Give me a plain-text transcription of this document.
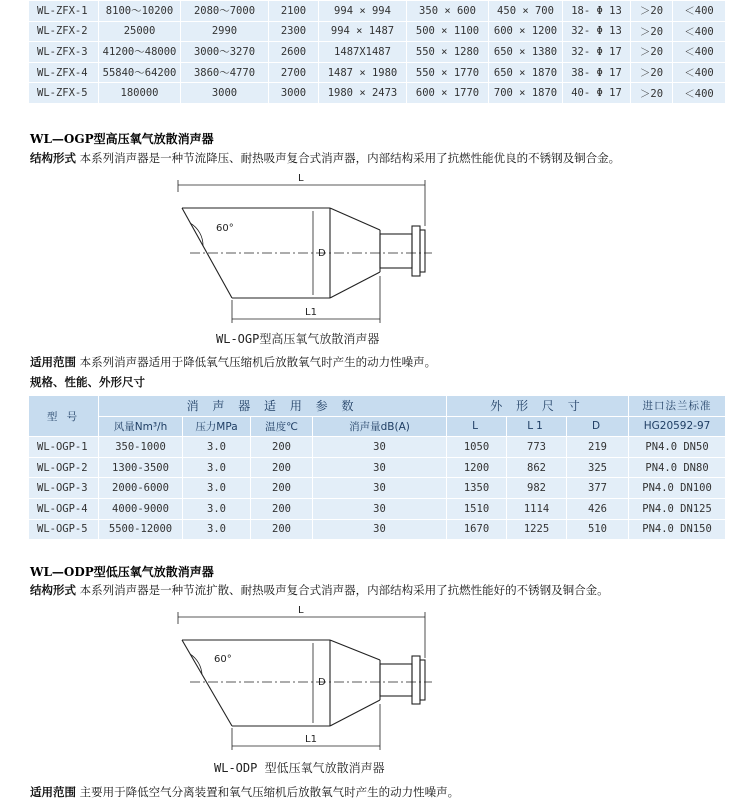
WL-ZFX-1	8100～10200	2080～7000	2100	994 × 994	350 × 600	450 × 700	18- Φ 13	＞20	＜400
WL-ZFX-2	25000	2990	2300	994 × 1487	500 × 1100	600 × 1200	32- Φ 13	＞20	＜400
WL-ZFX-3	41200～48000	3000～3270	2600	1487X1487	550 × 1280	650 × 1380	32- Φ 17	＞20	＜400
WL-ZFX-4	55840～64200	3860～4770	2700	1487 × 1980	550 × 1770	650 × 1870	38- Φ 17	＞20	＜400
WL-ZFX-5	180000	3000	3000	1980 × 2473	600 × 1770	700 × 1870	40- Φ 17	＞20	＜400
WL—OGP型高压氧气放散消声器
结构形式 本系列消声器是一种节流降压、耐热吸声复合式消声器，内部结构采用了抗燃性能优良的不锈钢及铜合金。
L
60°
D
L1
WL-OGP型高压氧气放散消声器
适用范围 本系列消声器适用于降低氧气压缩机后放散氧气时产生的动力性噪声。
规格、性能、外形尺寸
型 号	消 声 器 适 用 参 数				外 形 尺 寸			进口法兰标准
	风量Nm³/h	压力MPa	温度℃	消声量dB(A)	L	L1	D	HG20592-97
WL-OGP-1	350-1000	3.0	200	30	1050	773	219	PN4.0 DN50
WL-OGP-2	1300-3500	3.0	200	30	1200	862	325	PN4.0 DN80
WL-OGP-3	2000-6000	3.0	200	30	1350	982	377	PN4.0 DN100
WL-OGP-4	4000-9000	3.0	200	30	1510	1114	426	PN4.0 DN125
WL-OGP-5	5500-12000	3.0	200	30	1670	1225	510	PN4.0 DN150
WL—ODP型低压氧气放散消声器
结构形式 本系列消声器是一种节流扩散、耐热吸声复合式消声器，内部结构采用了抗燃性能好的不锈钢及铜合金。
L
60°
D
L1
WL-ODP 型低压氧气放散消声器
适用范围 主要用于降低空气分离装置和氧气压缩机后放散氧气时产生的动力性噪声。
